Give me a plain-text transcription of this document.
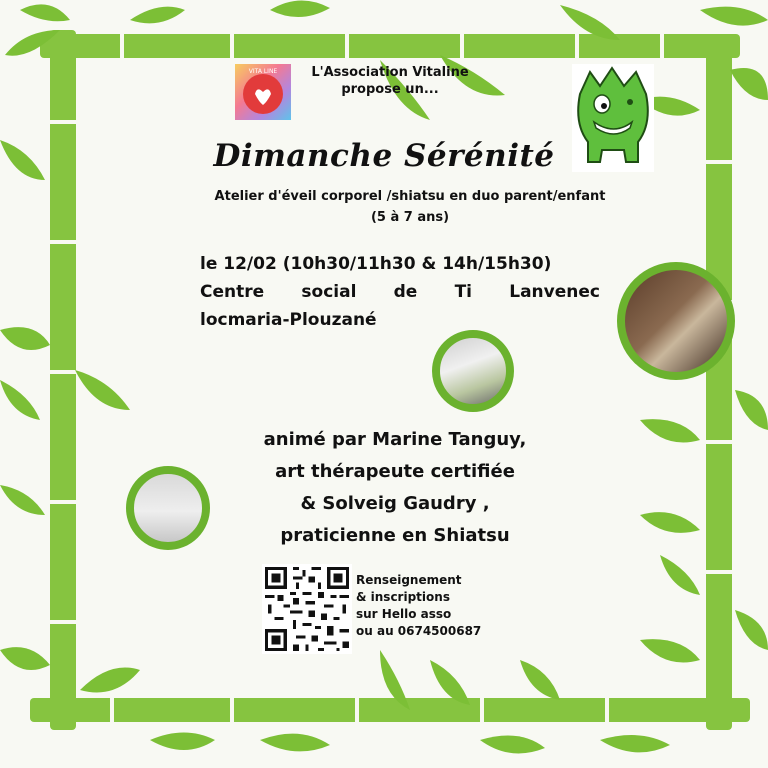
VITA LINE	L'Association Vitaline
propose un...
Dimanche Sérénité
Atelier d'éveil corporel /shiatsu en duo parent/enfant
(5 à 7 ans)
le 12/02 (10h30/11h30 & 14h/15h30)
Centre social de Ti Lanvenec
locmaria-Plouzané
animé par Marine Tanguy,
art thérapeute certifiée
& Solveig Gaudry ,
praticienne en Shiatsu
Renseignement
& inscriptions
sur Hello asso
ou au 0674500687
